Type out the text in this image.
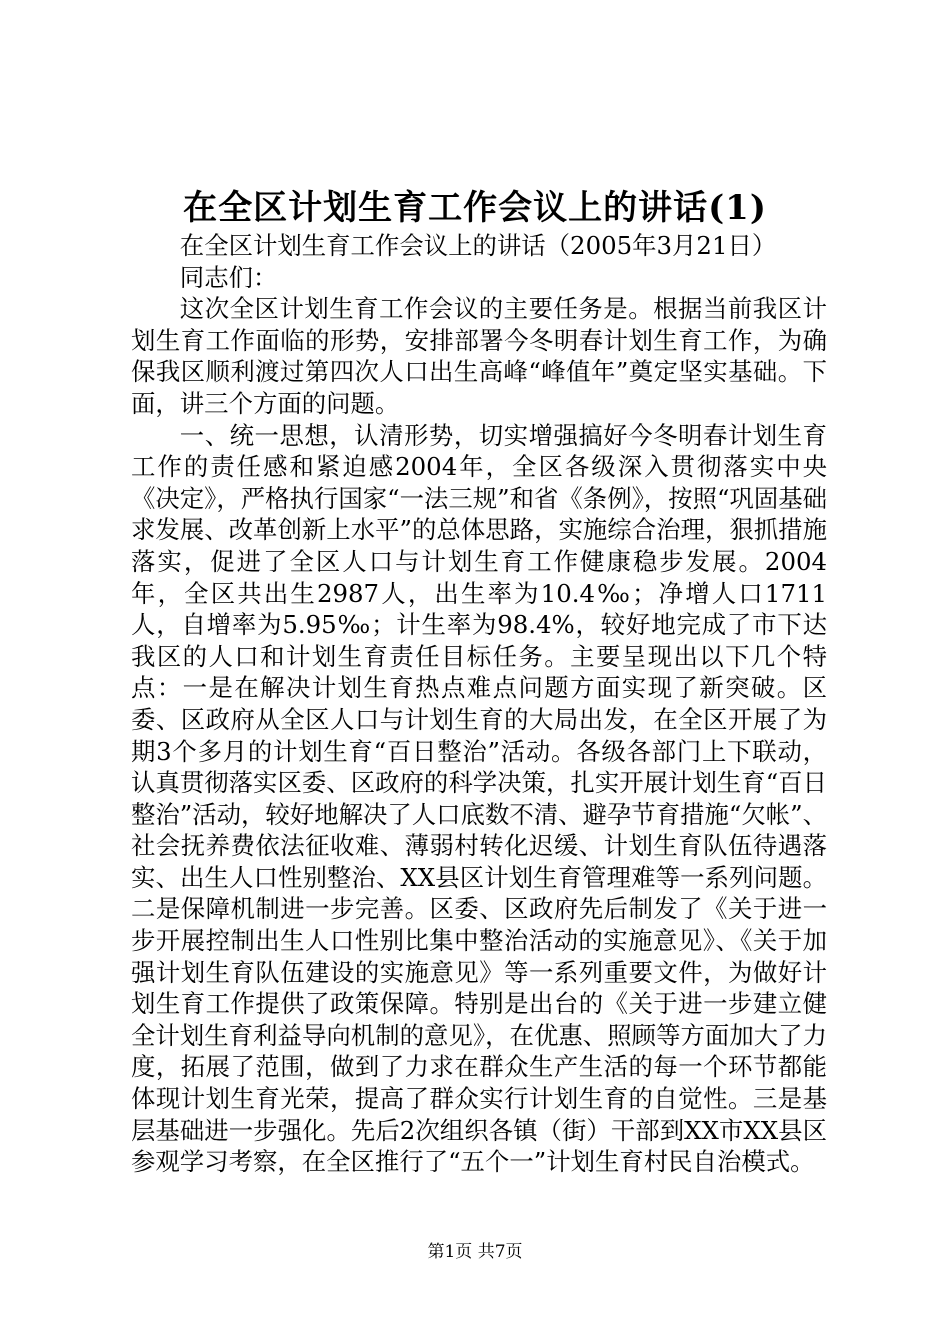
在全区计划生育工作会议上的讲话(1)

在全区计划生育工作会议上的讲话（2005年3月21日）

同志们：

这次全区计划生育工作会议的主要任务是。根据当前我区计划生育工作面临的形势，安排部署今冬明春计划生育工作，为确保我区顺利渡过第四次人口出生高峰“峰值年”奠定坚实基础。下面，讲三个方面的问题。

一、统一思想，认清形势，切实增强搞好今冬明春计划生育工作的责任感和紧迫感2004年，全区各级深入贯彻落实中央《决定》，严格执行国家“一法三规”和省《条例》，按照“巩固基础求发展、改革创新上水平”的总体思路，实施综合治理，狠抓措施落实，促进了全区人口与计划生育工作健康稳步发展。2004年，全区共出生2987人，出生率为10.4‰；净增人口1711人，自增率为5.95‰；计生率为98.4%，较好地完成了市下达我区的人口和计划生育责任目标任务。主要呈现出以下几个特点：一是在解决计划生育热点难点问题方面实现了新突破。区委、区政府从全区人口与计划生育的大局出发，在全区开展了为期3个多月的计划生育“百日整治”活动。各级各部门上下联动，认真贯彻落实区委、区政府的科学决策，扎实开展计划生育“百日整治”活动，较好地解决了人口底数不清、避孕节育措施“欠帐”、社会抚养费依法征收难、薄弱村转化迟缓、计划生育队伍待遇落实、出生人口性别整治、XX县区计划生育管理难等一系列问题。二是保障机制进一步完善。区委、区政府先后制发了《关于进一步开展控制出生人口性别比集中整治活动的实施意见》、《关于加强计划生育队伍建设的实施意见》等一系列重要文件，为做好计划生育工作提供了政策保障。特别是出台的《关于进一步建立健全计划生育利益导向机制的意见》，在优惠、照顾等方面加大了力度，拓展了范围，做到了力求在群众生产生活的每一个环节都能体现计划生育光荣，提高了群众实行计划生育的自觉性。三是基层基础进一步强化。先后2次组织各镇（街）干部到XX市XX县区参观学习考察，在全区推行了“五个一”计划生育村民自治模式。

第1页 共7页
